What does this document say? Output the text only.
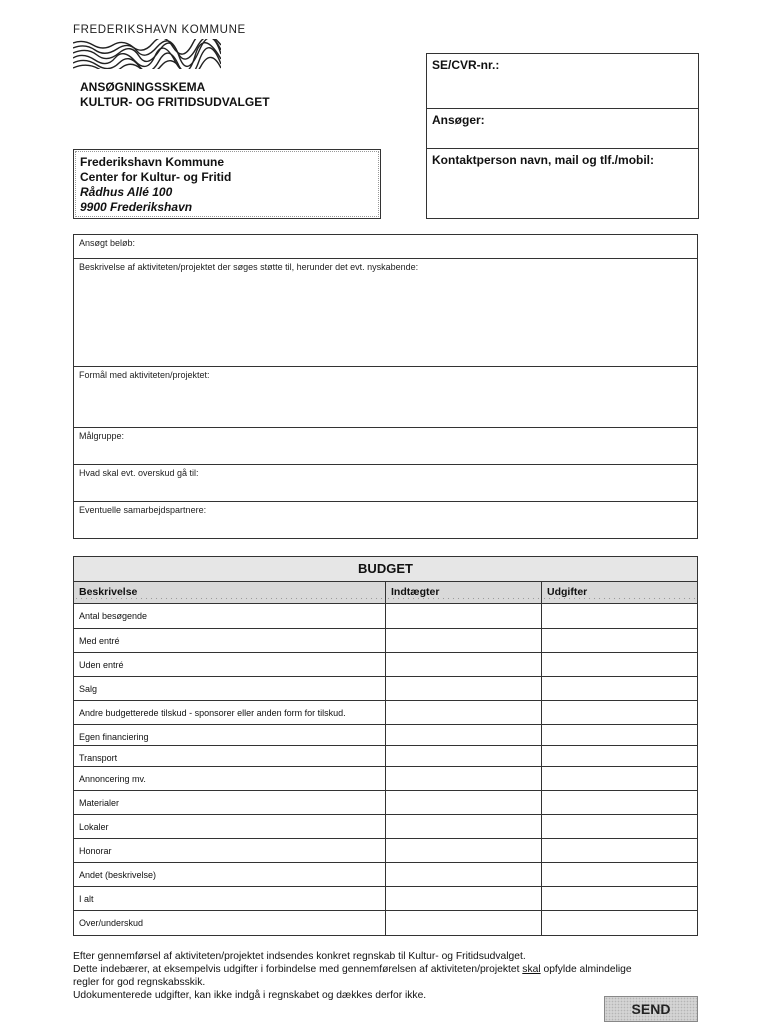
FREDERIKSHAVN KOMMUNE
ANSØGNINGSSKEMA
KULTUR- OG FRITIDSUDVALGET
SE/CVR-nr.:
Ansøger:
Kontaktperson navn, mail og tlf./mobil:
Frederikshavn Kommune
Center for Kultur- og Fritid
Rådhus Allé 100
9900 Frederikshavn
Ansøgt beløb:
Beskrivelse af aktiviteten/projektet der søges støtte til, herunder det evt. nyskabende:
Formål med aktiviteten/projektet:
Målgruppe:
Hvad skal evt. overskud gå til:
Eventuelle samarbejdspartnere:
BUDGET
Beskrivelse	Indtægter	Udgifter
Antal besøgende
Med entré
Uden entré
Salg
Andre budgetterede tilskud - sponsorer eller anden form for tilskud.
Egen financiering
Transport
Annoncering mv.
Materialer
Lokaler
Honorar
Andet (beskrivelse)
I alt
Over/underskud
Efter gennemførsel af aktiviteten/projektet indsendes konkret regnskab til Kultur- og Fritidsudvalget.
Dette indebærer, at eksempelvis udgifter i forbindelse med gennemførelsen af aktiviteten/projektet skal opfylde almindelige
regler for god regnskabsskik.
Udokumenterede udgifter, kan ikke indgå i regnskabet og dækkes derfor ikke.
SEND
